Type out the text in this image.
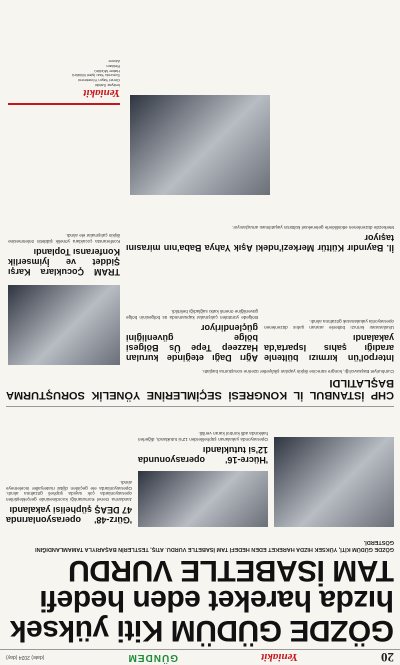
20
Yeniakit
GÜNDEM
(date) 2024 (day)
GÖZDE GÜDÜM Kiti yüksek
hızda hareket eden hedefi
TAM İSABETLE VURDU
GÖZDE GÜDÜM KİTİ, YÜKSEK HIZDA HAREKET EDEN HEDEFİ TAM İSABETLE VURDU. ATIŞ, TESTLERİN BAŞARIYLA TAMAMLANDIĞINI GÖSTERDİ.
'Gürz-48' operasyonlarında 47 DEAŞ şüphelisi yakalandı

Jandarma Genel Komutanlığı koordinesinde gerçekleştirilen operasyonlarda çok sayıda şüpheli gözaltına alındı. Operasyonlarda ele geçirilen dijital materyaller incelemeye alındı.

'Hücre-16' operasyonunda 12'si tutuklandı

Operasyonda yakalanan şüphelilerden 12'si tutuklandı, diğerleri hakkında adli kontrol kararı verildi.

CHP İSTANBUL İL KONGRESİ SEÇİMLERİNE YÖNELİK SORUŞTURMA BAŞLATILDI

Cumhuriyet Başsavcılığı, kongre sürecine ilişkin yapılan şikâyetler üzerine soruşturma başlattı.

Interpol'ün kırmızı bültenle aradığı şahıs Isparta'da yakalandı

Uluslararası kırmızı bültenle aranan şahıs düzenlenen operasyonla yakalanarak gözaltına alındı.

Ağrı Dağı eteğinde kurulan Hazzeep Tepe Üs Bölgesi bölge güvenliğini güçlendiriyor

Bölgede yürütülen çalışmalar kapsamında üs bölgesinin bölge güvenliğine önemli katkı sağladığı belirtildi.

TRAM Çocuklara Karşı Şiddet ve İyimserlik Konferansı Toplandı

Konferansta çocuklara yönelik şiddetin önlenmesine ilişkin çalışmalar ele alındı.

İl. Bayındır Kültür Merkezi'ndeki Aşık Yahya Baba'nın mirasını taşıyor

Merkezde düzenlenen etkinliklerle geleneksel kültürün yaşatılması amaçlanıyor.

Yeniakit
İmtiyaz Sahibi
Genel Yayın Yönetmeni
Sorumlu Yazı İşleri Müdürü
Haber Müdürü
Reklam
Abone
